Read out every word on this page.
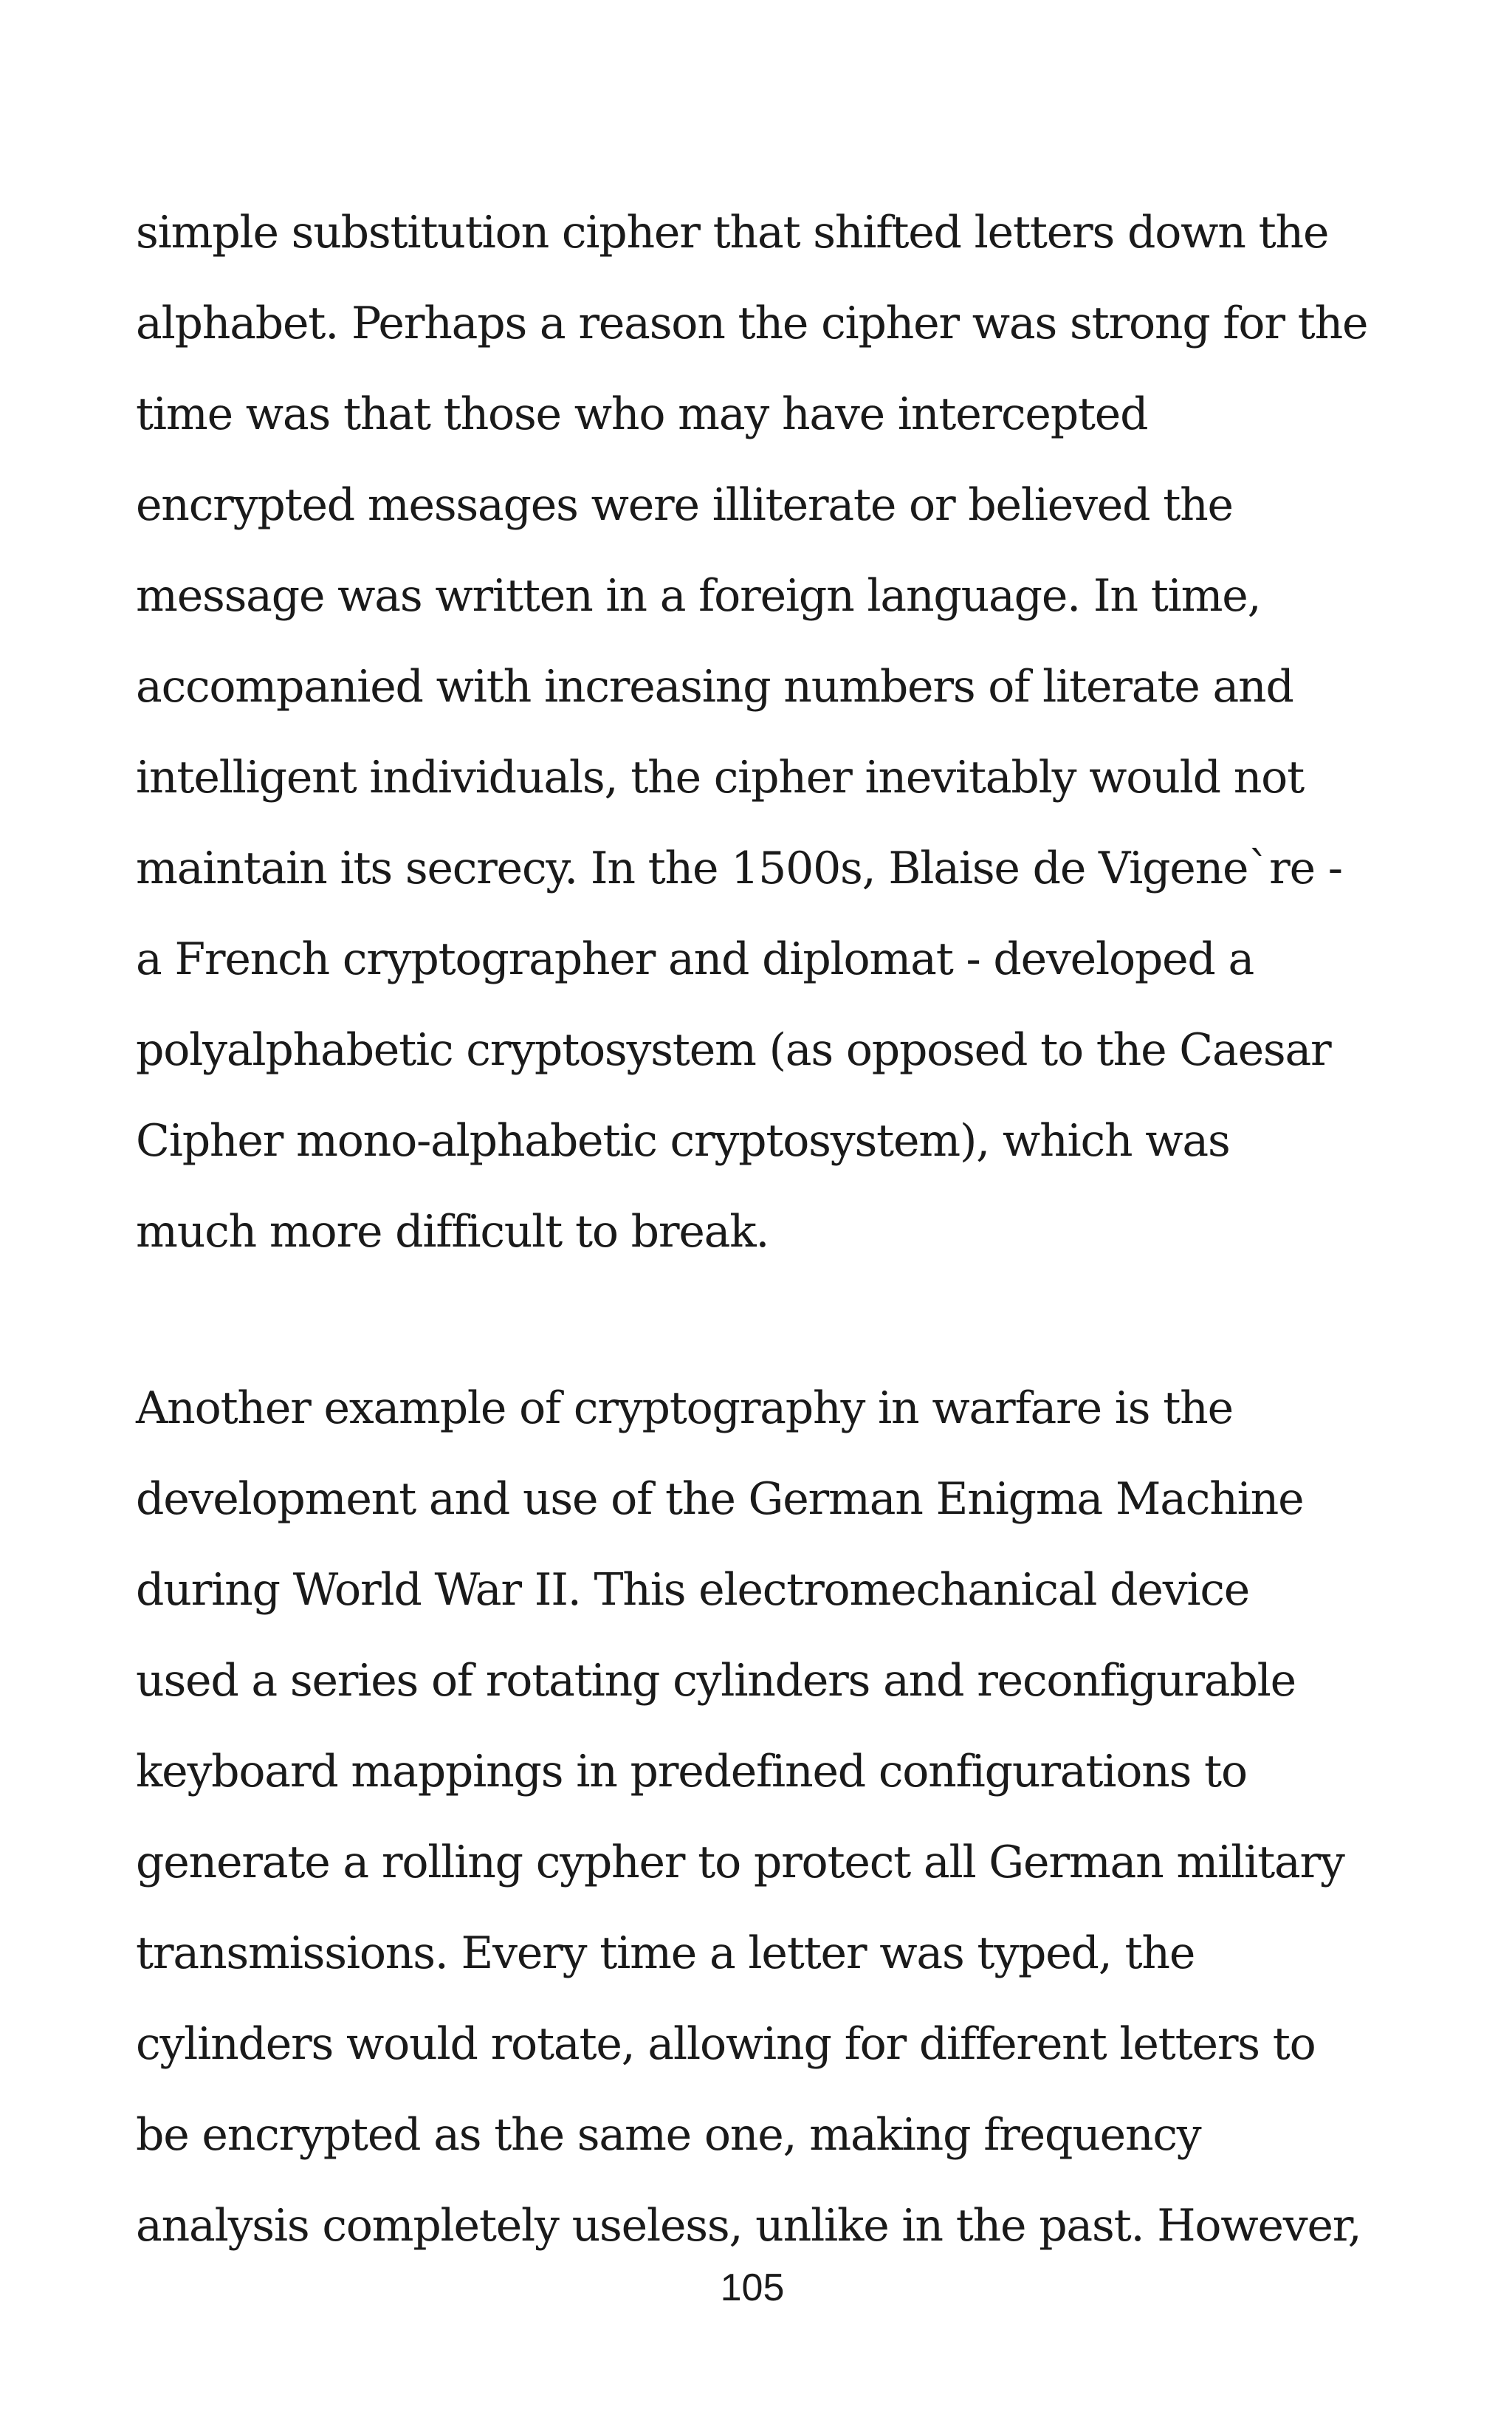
simple substitution cipher that shifted letters down the
alphabet. Perhaps a reason the cipher was strong for the
time was that those who may have intercepted
encrypted messages were illiterate or believed the
message was written in a foreign language. In time,
accompanied with increasing numbers of literate and
intelligent individuals, the cipher inevitably would not
maintain its secrecy. In the 1500s, Blaise de Vigene`re -
a French cryptographer and diplomat - developed a
polyalphabetic cryptosystem (as opposed to the Caesar
Cipher mono-alphabetic cryptosystem), which was
much more difficult to break.
Another example of cryptography in warfare is the
development and use of the German Enigma Machine
during World War II. This electromechanical device
used a series of rotating cylinders and reconfigurable
keyboard mappings in predefined configurations to
generate a rolling cypher to protect all German military
transmissions. Every time a letter was typed, the
cylinders would rotate, allowing for different letters to
be encrypted as the same one, making frequency
analysis completely useless, unlike in the past. However,
105
